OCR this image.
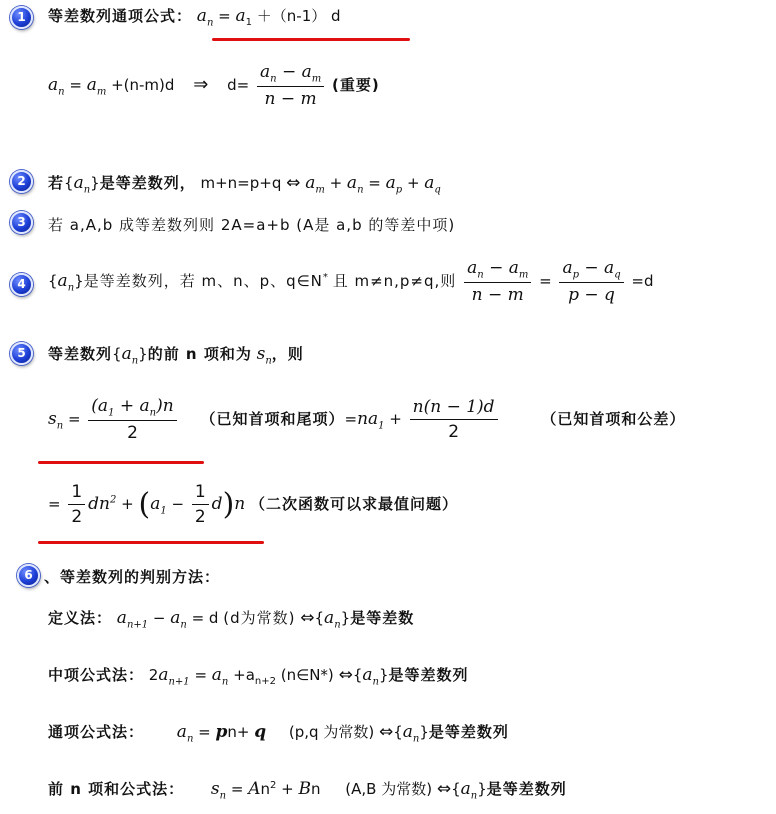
1	等差数列通项公式： $a_n = a_1 +(n-1)$ d
$a_n = a_m +(n-m)d$ ⇒ $d= \frac{a_n - a_m}{n - m}$ (重要)
2	若$\{a_n\}$是等差数列， m+n=p+q ⇔ $a_m + a_n = a_p + a_q$
3	若 a,A,b 成等差数列则 2A=a+b (A是 a,b 的等差中项)
4	$\{a_n\}$是等差数列，若 m、n、p、q∈N* 且 m≠n,p≠q,则 $\frac{a_n - a_m}{n - m} = \frac{a_p - a_q}{p - q} =d$
5	等差数列$\{a_n\}$的前 n 项和为 $s_n$，则
$s_n = \frac{(a_1 + a_n)n}{2}$ （已知首项和尾项）$=na_1 + \frac{n(n - 1)d}{2}$	（已知首项和公差）
= $\frac{1}{2} dn^2 + (a_1 - \frac{1}{2} d)n$ （二次函数可以求最值问题）
6 、等差数列的判别方法：
定义法： $a_{n+1} - a_n = d$ (d为常数) $\Leftrightarrow\{a_n\}$是等差数
中项公式法： $2a_{n+1} = a_n +a_{n+2}$ (n∈N*) $\Leftrightarrow\{a_n\}$是等差数列
通项公式法： $a_n = pn+ q$ (p,q 为常数) $\Leftrightarrow\{a_n\}$是等差数列
前 n 项和公式法： $s_n = An^2 + Bn$ (A,B 为常数) $\Leftrightarrow\{a_n\}$是等差数列
